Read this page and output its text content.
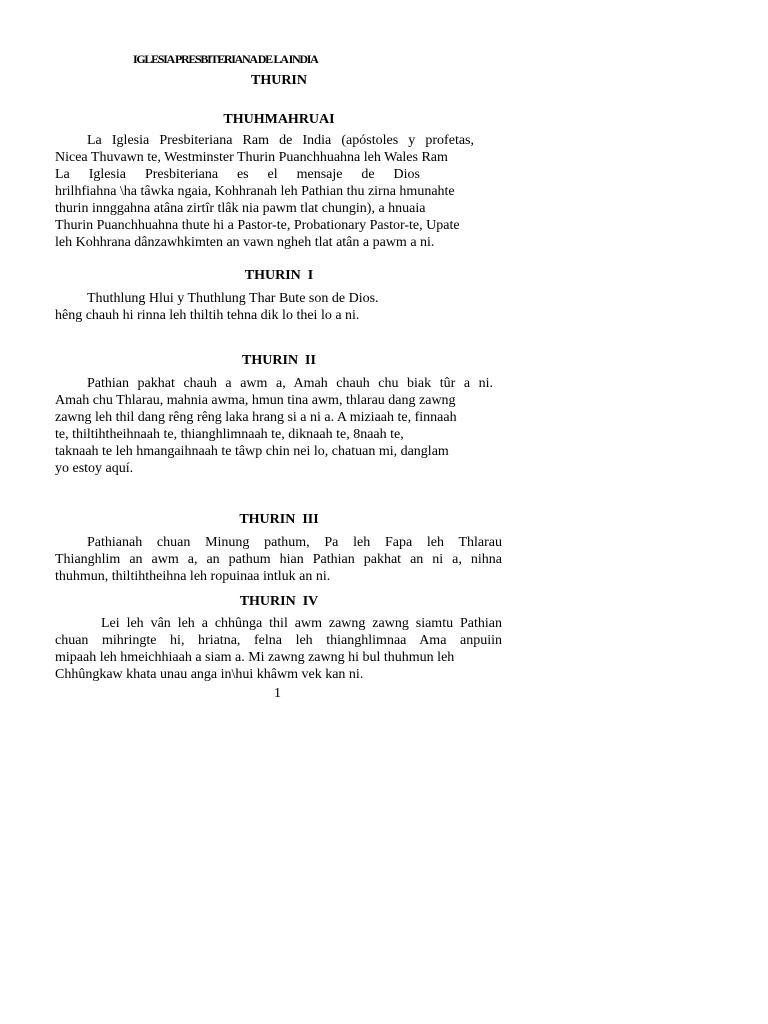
IGLESIA PRESBITERIANA DE LA INDIA
THURIN
THUHMAHRUAI
La Iglesia Presbiteriana Ram de India (apóstoles y profetas,
Nicea Thuvawn te, Westminster Thurin Puanchhuahna leh Wales Ram
La Iglesia Presbiteriana es el mensaje de Dios
hrilhfiahna \ha tâwka ngaia, Kohhranah leh Pathian thu zirna hmunahte
thurin innggahna atâna zirtîr tlâk nia pawm tlat chungin), a hnuaia
Thurin Puanchhuahna thute hi a Pastor-te, Probationary Pastor-te, Upate
leh Kohhrana dânzawhkimten an vawn ngheh tlat atân a pawm a ni.
THURIN  I
Thuthlung Hlui y Thuthlung Thar Bute son de Dios.
hêng chauh hi rinna leh thiltih tehna dik lo thei lo a ni.
THURIN  II
Pathian pakhat chauh a awm a, Amah chauh chu biak tûr a ni.
Amah chu Thlarau, mahnia awma, hmun tina awm, thlarau dang zawng
zawng leh thil dang rêng rêng laka hrang si a ni a. A miziaah te, finnaah
te, thiltihtheihnaah te, thianghlimnaah te, diknaah te, 8naah te,
taknaah te leh hmangaihnaah te tâwp chin nei lo, chatuan mi, danglam
yo estoy aquí.
THURIN  III
Pathianah chuan Minung pathum, Pa leh Fapa leh Thlarau
Thianghlim an awm a, an pathum hian Pathian pakhat an ni a, nihna
thuhmun, thiltihtheihna leh ropuinaa intluk an ni.
THURIN  IV
Lei leh vân leh a chhûnga thil awm zawng zawng siamtu Pathian
chuan mihringte hi, hriatna, felna leh thianghlimnaa Ama anpuiin
mipaah leh hmeichhiaah a siam a. Mi zawng zawng hi bul thuhmun leh
Chhûngkaw khata unau anga in\hui khâwm vek kan ni.
1
